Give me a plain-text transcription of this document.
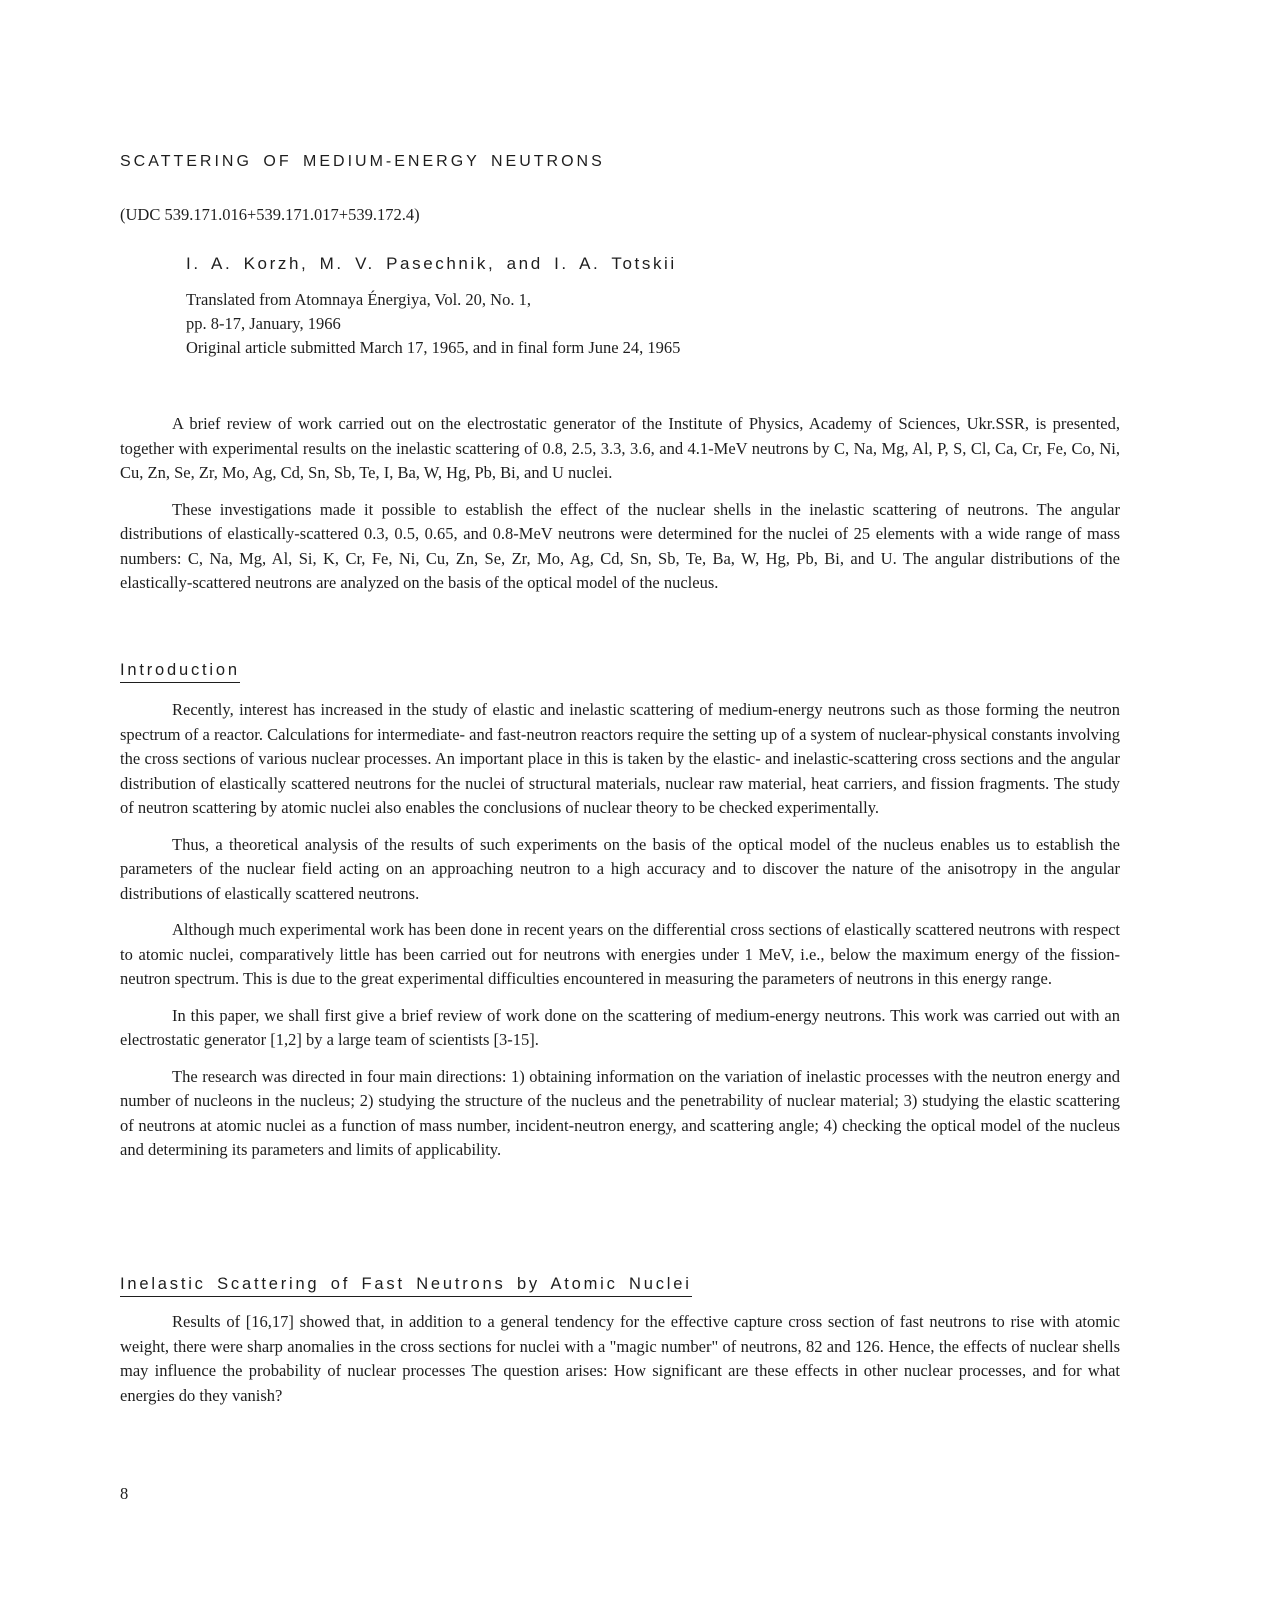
SCATTERING OF MEDIUM-ENERGY NEUTRONS
(UDC 539.171.016+539.171.017+539.172.4)
I. A. Korzh, M. V. Pasechnik, and I. A. Totskii
Translated from Atomnaya Énergiya, Vol. 20, No. 1,
pp. 8-17, January, 1966
Original article submitted March 17, 1965, and in final form June 24, 1965

A brief review of work carried out on the electrostatic generator of the Institute of Physics, Academy of Sciences, Ukr.SSR, is presented, together with experimental results on the inelastic scattering of 0.8, 2.5, 3.3, 3.6, and 4.1-MeV neutrons by C, Na, Mg, Al, P, S, Cl, Ca, Cr, Fe, Co, Ni, Cu, Zn, Se, Zr, Mo, Ag, Cd, Sn, Sb, Te, I, Ba, W, Hg, Pb, Bi, and U nuclei.

These investigations made it possible to establish the effect of the nuclear shells in the inelastic scattering of neutrons. The angular distributions of elastically-scattered 0.3, 0.5, 0.65, and 0.8-MeV neutrons were determined for the nuclei of 25 elements with a wide range of mass numbers: C, Na, Mg, Al, Si, K, Cr, Fe, Ni, Cu, Zn, Se, Zr, Mo, Ag, Cd, Sn, Sb, Te, Ba, W, Hg, Pb, Bi, and U. The angular distributions of the elastically-scattered neutrons are analyzed on the basis of the optical model of the nucleus.

Introduction

Recently, interest has increased in the study of elastic and inelastic scattering of medium-energy neutrons such as those forming the neutron spectrum of a reactor. Calculations for intermediate- and fast-neutron reactors require the setting up of a system of nuclear-physical constants involving the cross sections of various nuclear processes. An important place in this is taken by the elastic- and inelastic-scattering cross sections and the angular distribution of elastically scattered neutrons for the nuclei of structural materials, nuclear raw material, heat carriers, and fission fragments. The study of neutron scattering by atomic nuclei also enables the conclusions of nuclear theory to be checked experimentally.

Thus, a theoretical analysis of the results of such experiments on the basis of the optical model of the nucleus enables us to establish the parameters of the nuclear field acting on an approaching neutron to a high accuracy and to discover the nature of the anisotropy in the angular distributions of elastically scattered neutrons.

Although much experimental work has been done in recent years on the differential cross sections of elastically scattered neutrons with respect to atomic nuclei, comparatively little has been carried out for neutrons with energies under 1 MeV, i.e., below the maximum energy of the fission-neutron spectrum. This is due to the great experimental difficulties encountered in measuring the parameters of neutrons in this energy range.

In this paper, we shall first give a brief review of work done on the scattering of medium-energy neutrons. This work was carried out with an electrostatic generator [1,2] by a large team of scientists [3-15].

The research was directed in four main directions: 1) obtaining information on the variation of inelastic processes with the neutron energy and number of nucleons in the nucleus; 2) studying the structure of the nucleus and the penetrability of nuclear material; 3) studying the elastic scattering of neutrons at atomic nuclei as a function of mass number, incident-neutron energy, and scattering angle; 4) checking the optical model of the nucleus and determining its parameters and limits of applicability.

Inelastic Scattering of Fast Neutrons by Atomic Nuclei

Results of [16,17] showed that, in addition to a general tendency for the effective capture cross section of fast neutrons to rise with atomic weight, there were sharp anomalies in the cross sections for nuclei with a "magic number" of neutrons, 82 and 126. Hence, the effects of nuclear shells may influence the probability of nuclear processes The question arises: How significant are these effects in other nuclear processes, and for what energies do they vanish?

8
